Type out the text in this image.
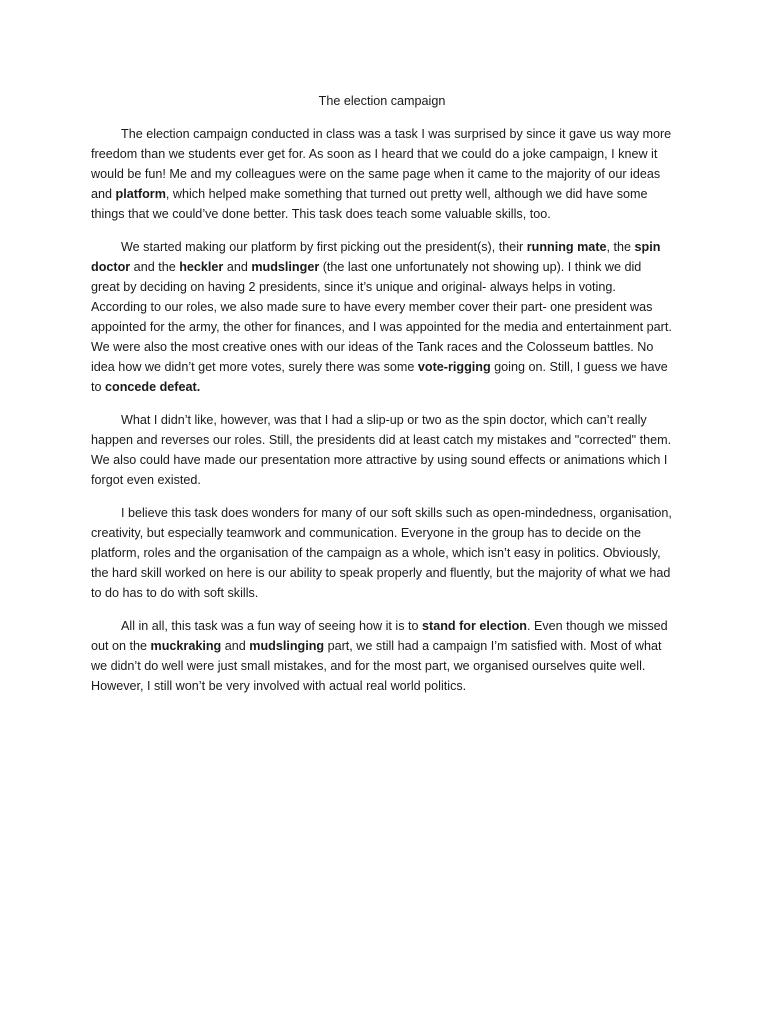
The election campaign

The election campaign conducted in class was a task I was surprised by since it gave us way more freedom than we students ever get for. As soon as I heard that we could do a joke campaign, I knew it would be fun! Me and my colleagues were on the same page when it came to the majority of our ideas and platform, which helped make something that turned out pretty well, although we did have some things that we could’ve done better. This task does teach some valuable skills, too.

We started making our platform by first picking out the president(s), their running mate, the spin doctor and the heckler and mudslinger (the last one unfortunately not showing up). I think we did great by deciding on having 2 presidents, since it’s unique and original- always helps in voting. According to our roles, we also made sure to have every member cover their part- one president was appointed for the army, the other for finances, and I was appointed for the media and entertainment part. We were also the most creative ones with our ideas of the Tank races and the Colosseum battles. No idea how we didn’t get more votes, surely there was some vote-rigging going on. Still, I guess we have to concede defeat.

What I didn’t like, however, was that I had a slip-up or two as the spin doctor, which can’t really happen and reverses our roles. Still, the presidents did at least catch my mistakes and "corrected" them. We also could have made our presentation more attractive by using sound effects or animations which I forgot even existed.

I believe this task does wonders for many of our soft skills such as open-mindedness, organisation, creativity, but especially teamwork and communication. Everyone in the group has to decide on the platform, roles and the organisation of the campaign as a whole, which isn’t easy in politics. Obviously, the hard skill worked on here is our ability to speak properly and fluently, but the majority of what we had to do has to do with soft skills.

All in all, this task was a fun way of seeing how it is to stand for election. Even though we missed out on the muckraking and mudslinging part, we still had a campaign I’m satisfied with. Most of what we didn’t do well were just small mistakes, and for the most part, we organised ourselves quite well. However, I still won’t be very involved with actual real world politics.
